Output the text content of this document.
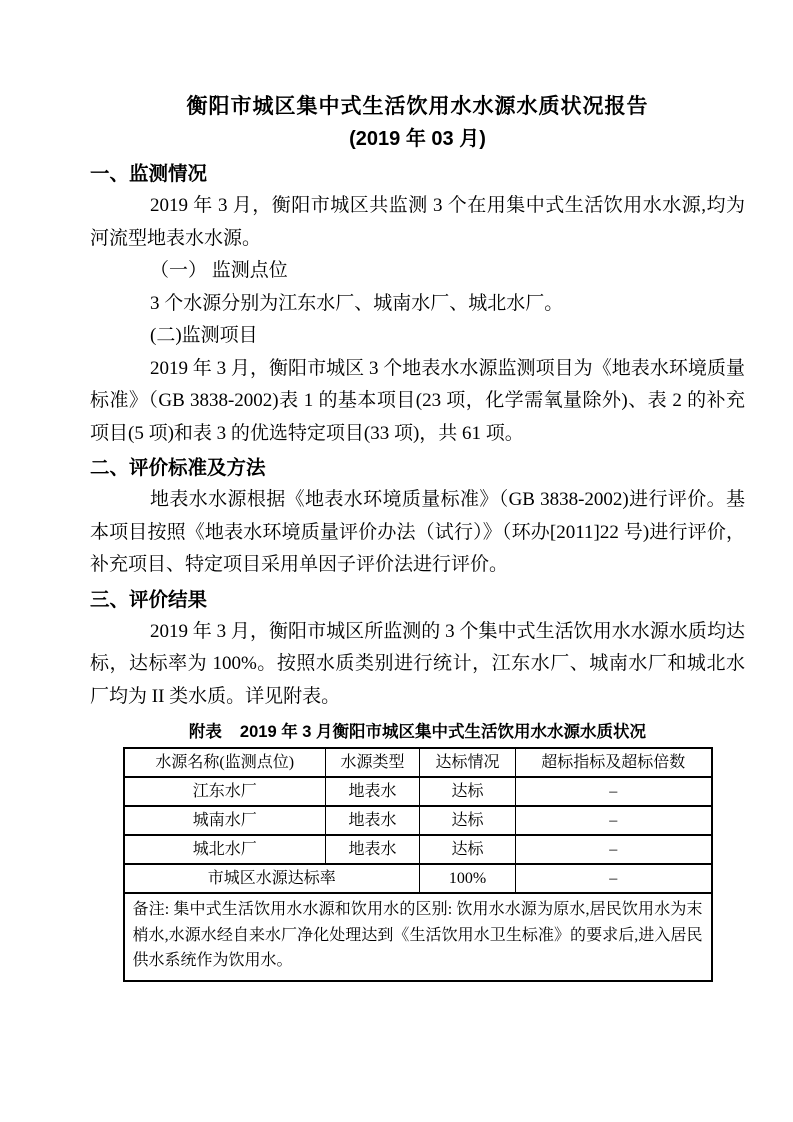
衡阳市城区集中式生活饮用水水源水质状况报告
(2019 年 03 月)
一、监测情况

2019 年 3 月，衡阳市城区共监测 3 个在用集中式生活饮用水水源,均为河流型地表水水源。

（一） 监测点位

3 个水源分别为江东水厂、城南水厂、城北水厂。

(二)监测项目

2019 年 3 月，衡阳市城区 3 个地表水水源监测项目为《地表水环境质量标准》（GB 3838-2002)表 1 的基本项目(23 项，化学需氧量除外)、表 2 的补充项目(5 项)和表 3 的优选特定项目(33 项)，共 61 项。

二、评价标准及方法

地表水水源根据《地表水环境质量标准》（GB 3838-2002)进行评价。基本项目按照《地表水环境质量评价办法（试行）》（环办[2011]22 号)进行评价，补充项目、特定项目采用单因子评价法进行评价。

三、评价结果

2019 年 3 月，衡阳市城区所监测的 3 个集中式生活饮用水水源水质均达标，达标率为 100%。按照水质类别进行统计，江东水厂、城南水厂和城北水厂均为 II 类水质。详见附表。

附表 2019 年 3 月衡阳市城区集中式生活饮用水水源水质状况
水源名称(监测点位)	水源类型	达标情况	超标指标及超标倍数
江东水厂	地表水	达标	–
城南水厂	地表水	达标	–
城北水厂	地表水	达标	–
市城区水源达标率		100%	–
备注: 集中式生活饮用水水源和饮用水的区别: 饮用水水源为原水,居民饮用水为末梢水,水源水经自来水厂净化处理达到《生活饮用水卫生标准》的要求后,进入居民供水系统作为饮用水。			
